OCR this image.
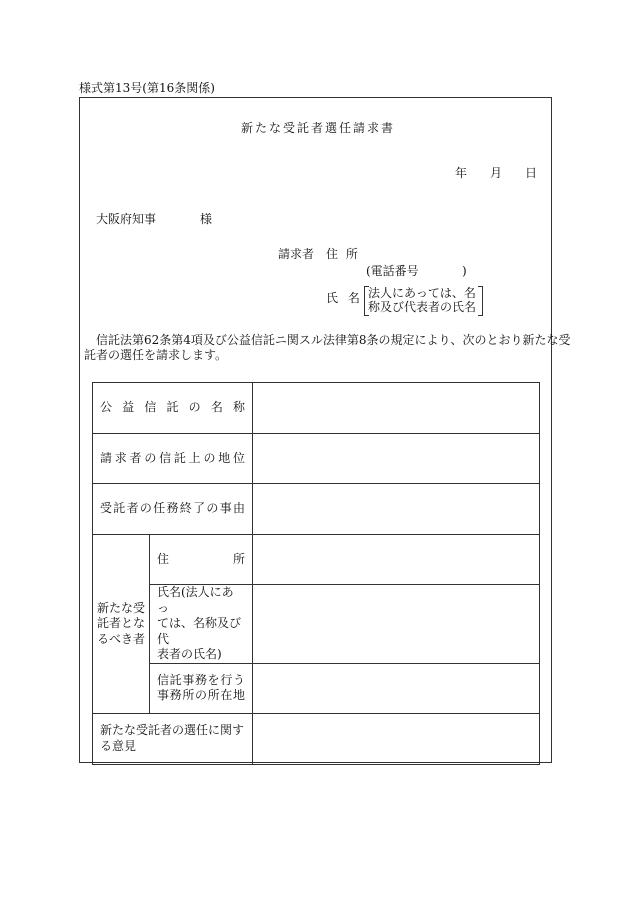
様式第13号(第16条関係)
新たな受託者選任請求書
年 月 日
大阪府知事	様
請求者 住 所
(電話番号	)
氏 名 法人にあっては、名
称及び代表者の氏名
信託法第62条第4項及び公益信託ニ関スル法律第8条の規定により、次のとおり新たな受
託者の選任を請求します。
公益信託の名称		

請求者の信託上の地位		

受託者の任務終了の事由		

新たな受
託者とな
るべき者	住 所	

	氏名(法人にあっ
ては、名称及び代
表者の氏名)	

	信託事務を行う
事務所の所在地	

新たな受託者の選任に関す
る意見		
